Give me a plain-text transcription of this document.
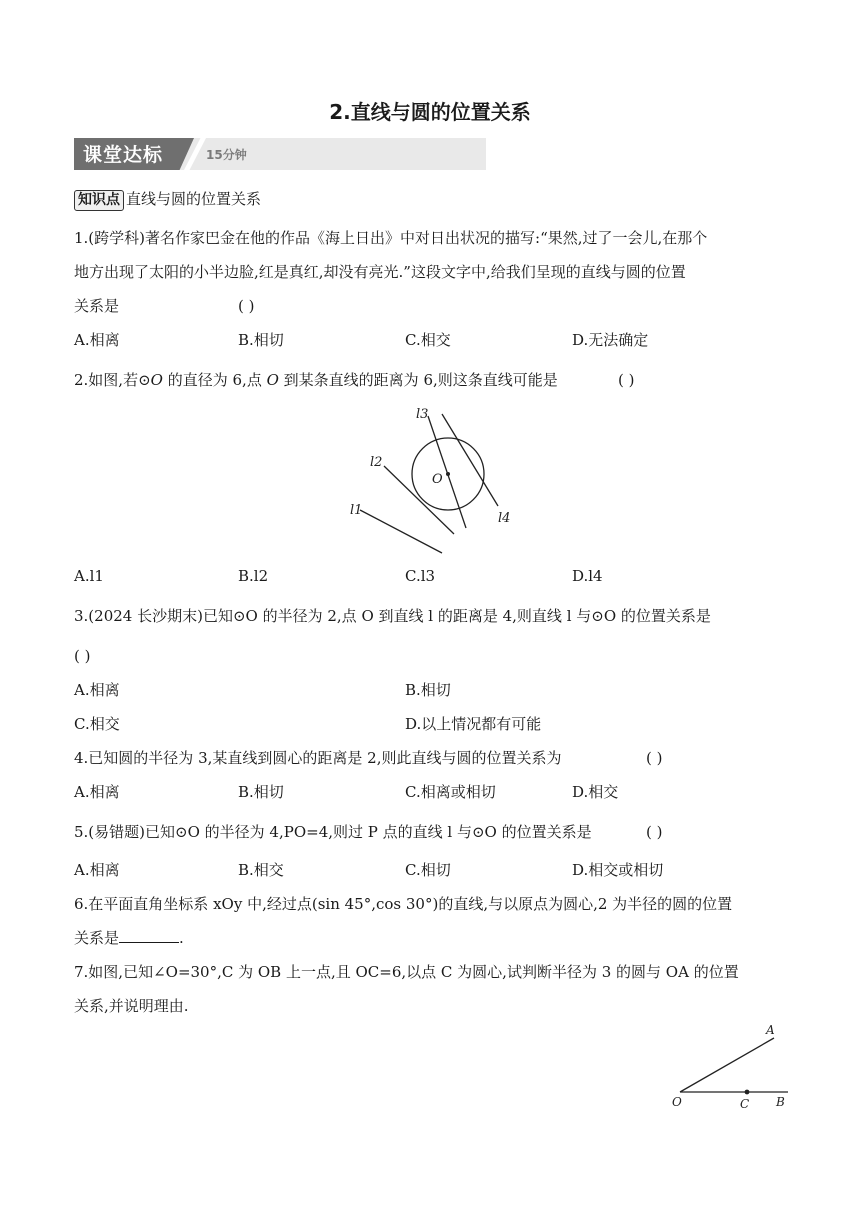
2.直线与圆的位置关系
课堂达标	15分钟
知识点 直线与圆的位置关系
1.(跨学科)著名作家巴金在他的作品《海上日出》中对日出状况的描写:“果然,过了一会儿,在那个
地方出现了太阳的小半边脸,红是真红,却没有亮光.”这段文字中,给我们呈现的直线与圆的位置
关系是	( )
A.相离	B.相切	C.相交	D.无法确定
2.如图,若⊙O 的直径为 6,点 O 到某条直线的距离为 6,则这条直线可能是	( )
l3
l2
O
l1
l4
A.l1	B.l2	C.l3	D.l4
3.(2024 长沙期末)已知⊙O 的半径为 2,点 O 到直线 l 的距离是 4,则直线 l 与⊙O 的位置关系是
( )
A.相离	B.相切
C.相交	D.以上情况都有可能
4.已知圆的半径为 3,某直线到圆心的距离是 2,则此直线与圆的位置关系为	( )
A.相离	B.相切	C.相离或相切	D.相交
5.(易错题)已知⊙O 的半径为 4,PO=4,则过 P 点的直线 l 与⊙O 的位置关系是	( )
A.相离	B.相交	C.相切	D.相交或相切
6.在平面直角坐标系 xOy 中,经过点(sin 45°,cos 30°)的直线,与以原点为圆心,2 为半径的圆的位置
关系是	.
7.如图,已知∠O=30°,C 为 OB 上一点,且 OC=6,以点 C 为圆心,试判断半径为 3 的圆与 OA 的位置
关系,并说明理由.
A
O	C B
